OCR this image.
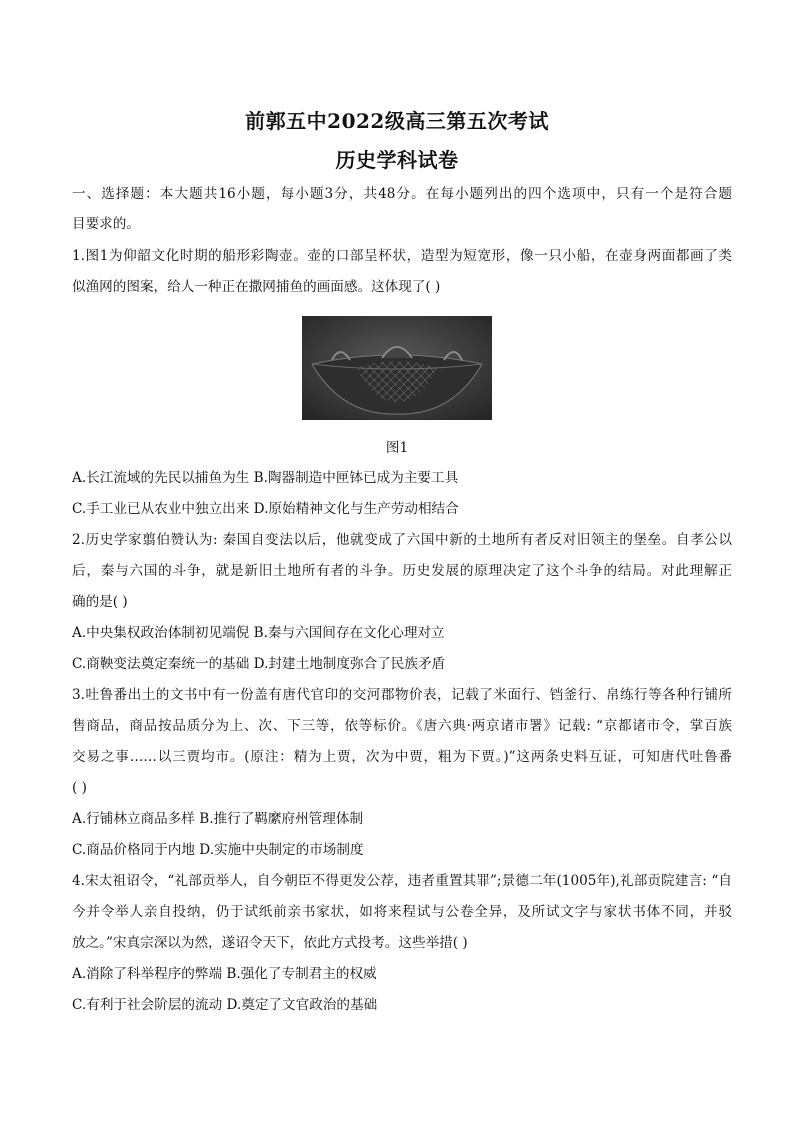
前郭五中2022级高三第五次考试
历史学科试卷
一、选择题：本大题共16小题，每小题3分，共48分。在每小题列出的四个选项中，只有一个是符合题
目要求的。
1.图1为仰韶文化时期的船形彩陶壶。壶的口部呈杯状，造型为短宽形，像一只小船，在壶身两面都画了类
似渔网的图案，给人一种正在撒网捕鱼的画面感。这体现了( )
图1
A.长江流域的先民以捕鱼为生 B.陶器制造中匣钵已成为主要工具
C.手工业已从农业中独立出来 D.原始精神文化与生产劳动相结合
2.历史学家翦伯赞认为: 秦国自变法以后，他就变成了六国中新的土地所有者反对旧领主的堡垒。自孝公以
后，秦与六国的斗争，就是新旧土地所有者的斗争。历史发展的原理决定了这个斗争的结局。对此理解正
确的是( )
A.中央集权政治体制初见端倪 B.秦与六国间存在文化心理对立
C.商鞅变法奠定秦统一的基础 D.封建土地制度弥合了民族矛盾
3.吐鲁番出土的文书中有一份盖有唐代官印的交河郡物价表，记载了米面行、铛釜行、帛练行等各种行铺所
售商品，商品按品质分为上、次、下三等，依等标价。《唐六典·两京诸市署》记载: “京都诸市令，掌百族
交易之事……以三贾均市。(原注：精为上贾，次为中贾，粗为下贾。)”这两条史料互证，可知唐代吐鲁番
( )
A.行铺林立商品多样 B.推行了羁縻府州管理体制
C.商品价格同于内地 D.实施中央制定的市场制度
4.宋太祖诏令，“礼部贡举人，自今朝臣不得更发公荐，违者重置其罪”;景德二年(1005年),礼部贡院建言: “自
今并令举人亲自投纳，仍于试纸前亲书家状，如将来程试与公卷全异，及所试文字与家状书体不同，并驳
放之。”宋真宗深以为然，遂诏令天下，依此方式投考。这些举措( )
A.消除了科举程序的弊端 B.强化了专制君主的权威
C.有利于社会阶层的流动 D.奠定了文官政治的基础
